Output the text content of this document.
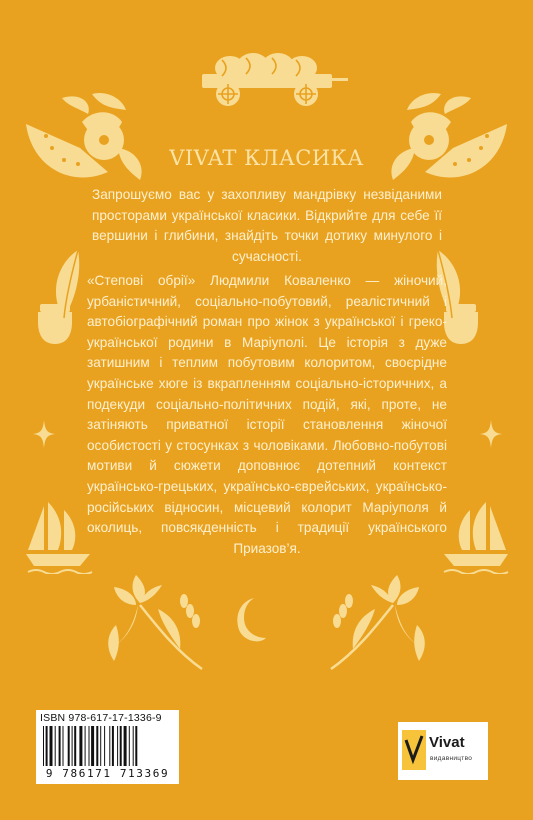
VIVAT КЛАСИКА
Запрошуємо вас у захопливу мандрівку незвіданими просторами української класики. Відкрийте для себе її вершини і глибини, знайдіть точки дотику минулого і сучасності.
«Степові обрії» Людмили Коваленко — жіночий, урбаністичний, соціально-побутовий, реалістичний і автобіографічний роман про жінок з української і греко-української родини в Маріуполі. Це історія з дуже затишним і теплим побутовим колоритом, своєрідне українське хюге із вкрапленням соціально-історичних, а подекуди соціально-політичних подій, які, проте, не затіняють приватної історії становлення жіночої особистості у стосунках з чоловіками. Любовно-побутові мотиви й сюжети доповнює дотепний контекст українсько-грецьких, українсько-єврейських, українсько-російських відносин, місцевий колорит Маріуполя й околиць, повсякденність і традиції українського Приазов’я.
ISBN 978-617-17-1336-9
9 786171 713369
Vivat
видавництво
